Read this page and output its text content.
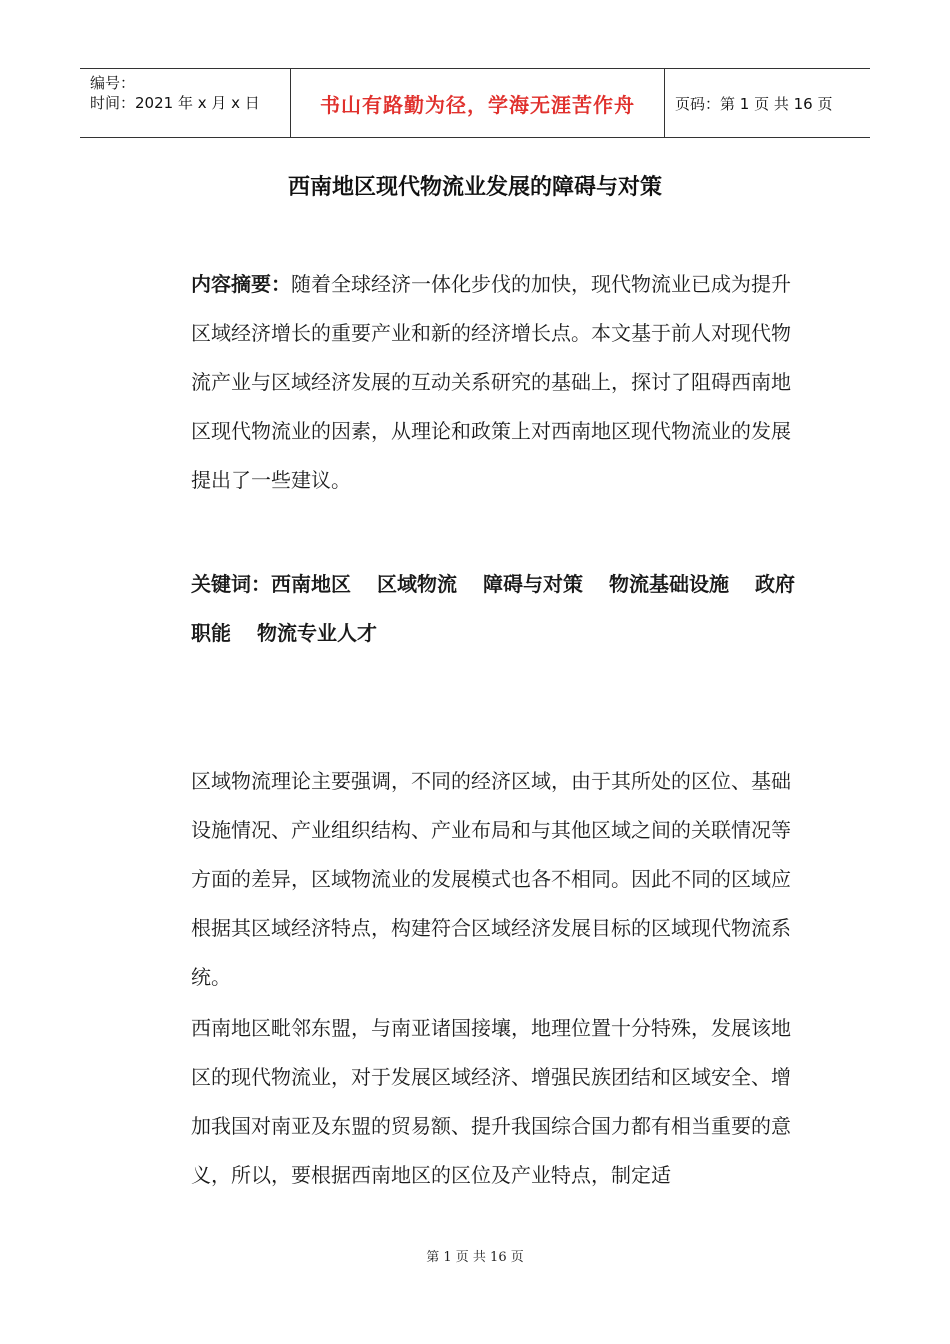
编号：
时间：2021 年 x 月 x 日	书山有路勤为径，学海无涯苦作舟	页码：第 1 页 共 16 页
西南地区现代物流业发展的障碍与对策
内容摘要：随着全球经济一体化步伐的加快，现代物流业已成为提升区域经济增长的重要产业和新的经济增长点。本文基于前人对现代物流产业与区域经济发展的互动关系研究的基础上，探讨了阻碍西南地区现代物流业的因素，从理论和政策上对西南地区现代物流业的发展提出了一些建议。
关键词：西南地区 区域物流 障碍与对策 物流基础设施 政府职能 物流专业人才
区域物流理论主要强调，不同的经济区域，由于其所处的区位、基础设施情况、产业组织结构、产业布局和与其他区域之间的关联情况等方面的差异，区域物流业的发展模式也各不相同。因此不同的区域应根据其区域经济特点，构建符合区域经济发展目标的区域现代物流系统。
西南地区毗邻东盟，与南亚诸国接壤，地理位置十分特殊，发展该地区的现代物流业，对于发展区域经济、增强民族团结和区域安全、增加我国对南亚及东盟的贸易额、提升我国综合国力都有相当重要的意义，所以，要根据西南地区的区位及产业特点，制定适
第 1 页 共 16 页
